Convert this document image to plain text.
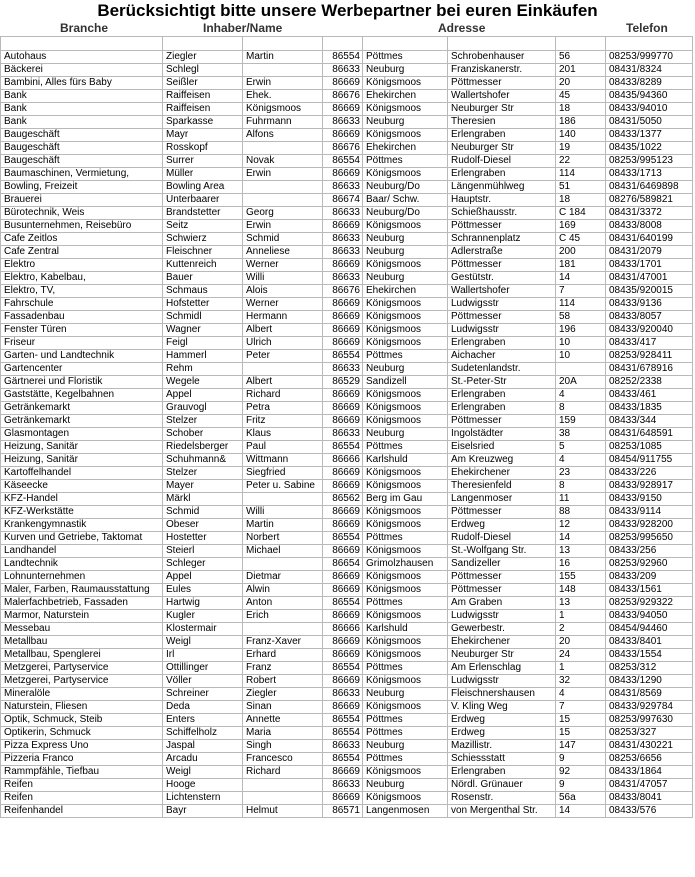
Berücksichtigt bitte unsere Werbepartner bei euren Einkäufen
Branche	Inhaber/Name	Adresse	Telefon

Autohaus	Ziegler	Martin	86554	Pöttmes	Schrobenhauser	56	08253/999770
Bäckerei	Schlegl		86633	Neuburg	Franziskanerstr.	201	08431/8324
Bambini, Alles fürs Baby	Seißler	Erwin	86669	Königsmoos	Pöttmesser	20	08433/8289
Bank	Raiffeisen	Ehek.	86676	Ehekirchen	Wallertshofer	45	08435/94360
Bank	Raiffeisen	Königsmoos	86669	Königsmoos	Neuburger Str	18	08433/94010
Bank	Sparkasse	Fuhrmann	86633	Neuburg	Theresien	186	08431/5050
Baugeschäft	Mayr	Alfons	86669	Königsmoos	Erlengraben	140	08433/1377
Baugeschäft	Rosskopf		86676	Ehekirchen	Neuburger Str	19	08435/1022
Baugeschäft	Surrer	Novak	86554	Pöttmes	Rudolf-Diesel	22	08253/995123
Baumaschinen, Vermietung,	Müller	Erwin	86669	Königsmoos	Erlengraben	114	08433/1713
Bowling, Freizeit	Bowling Area		86633	Neuburg/Do	Längenmühlweg	51	08431/6469898
Brauerei	Unterbaarer		86674	Baar/ Schw.	Hauptstr.	18	08276/589821
Bürotechnik, Weis	Brandstetter	Georg	86633	Neuburg/Do	Schießhausstr.	C 184	08431/3372
Busunternehmen, Reisebüro	Seitz	Erwin	86669	Königsmoos	Pöttmesser	169	08433/8008
Cafe Zeitlos	Schwierz	Schmid	86633	Neuburg	Schrannenplatz	C 45	08431/640199
Cafe Zentral	Fleischner	Anneliese	86633	Neuburg	Adlerstraße	200	08431/2079
Elektro	Kuttenreich	Werner	86669	Königsmoos	Pöttmesser	181	08433/1701
Elektro, Kabelbau,	Bauer	Willi	86633	Neuburg	Gestütstr.	14	08431/47001
Elektro, TV,	Schmaus	Alois	86676	Ehekirchen	Wallertshofer	7	08435/920015
Fahrschule	Hofstetter	Werner	86669	Königsmoos	Ludwigsstr	114	08433/9136
Fassadenbau	Schmidl	Hermann	86669	Königsmoos	Pöttmesser	58	08433/8057
Fenster Türen	Wagner	Albert	86669	Königsmoos	Ludwigsstr	196	08433/920040
Friseur	Feigl	Ulrich	86669	Königsmoos	Erlengraben	10	08433/417
Garten- und Landtechnik	Hammerl	Peter	86554	Pöttmes	Aichacher	10	08253/928411
Gartencenter	Rehm		86633	Neuburg	Sudetenlandstr.		08431/678916
Gärtnerei und Floristik	Wegele	Albert	86529	Sandizell	St.-Peter-Str	20A	08252/2338
Gaststätte, Kegelbahnen	Appel	Richard	86669	Königsmoos	Erlengraben	4	08433/461
Getränkemarkt	Grauvogl	Petra	86669	Königsmoos	Erlengraben	8	08433/1835
Getränkemarkt	Stelzer	Fritz	86669	Königsmoos	Pöttmesser	159	08433/344
Glasmontagen	Schober	Klaus	86633	Neuburg	Ingolstädter	38	08431/648591
Heizung, Sanitär	Riedelsberger	Paul	86554	Pöttmes	Eiselsried	5	08253/1085
Heizung, Sanitär	Schuhmann&	Wittmann	86666	Karlshuld	Am Kreuzweg	4	08454/911755
Kartoffelhandel	Stelzer	Siegfried	86669	Königsmoos	Ehekirchener	23	08433/226
Käseecke	Mayer	Peter u. Sabine	86669	Königsmoos	Theresienfeld	8	08433/928917
KFZ-Handel	Märkl		86562	Berg im Gau	Langenmoser	11	08433/9150
KFZ-Werkstätte	Schmid	Willi	86669	Königsmoos	Pöttmesser	88	08433/9114
Krankengymnastik	Obeser	Martin	86669	Königsmoos	Erdweg	12	08433/928200
Kurven und Getriebe, Taktomat	Hostetter	Norbert	86554	Pöttmes	Rudolf-Diesel	14	08253/995650
Landhandel	Steierl	Michael	86669	Königsmoos	St.-Wolfgang Str.	13	08433/256
Landtechnik	Schleger		86654	Grimolzhausen	Sandizeller	16	08253/92960
Lohnunternehmen	Appel	Dietmar	86669	Königsmoos	Pöttmesser	155	08433/209
Maler, Farben, Raumausstattung	Eules	Alwin	86669	Königsmoos	Pöttmesser	148	08433/1561
Malerfachbetrieb, Fassaden	Hartwig	Anton	86554	Pöttmes	Am Graben	13	08253/929322
Marmor, Naturstein	Kugler	Erich	86669	Königsmoos	Ludwigsstr	1	08433/94050
Messebau	Klostermair		86666	Karlshuld	Gewerbestr.	2	08454/94460
Metallbau	Weigl	Franz-Xaver	86669	Königsmoos	Ehekirchener	20	08433/8401
Metallbau, Spenglerei	Irl	Erhard	86669	Königsmoos	Neuburger Str	24	08433/1554
Metzgerei, Partyservice	Ottillinger	Franz	86554	Pöttmes	Am Erlenschlag	1	08253/312
Metzgerei, Partyservice	Völler	Robert	86669	Königsmoos	Ludwigsstr	32	08433/1290
Mineralöle	Schreiner	Ziegler	86633	Neuburg	Fleischnershausen	4	08431/8569
Naturstein, Fliesen	Deda	Sinan	86669	Königsmoos	V. Kling Weg	7	08433/929784
Optik, Schmuck, Steib	Enters	Annette	86554	Pöttmes	Erdweg	15	08253/997630
Optikerin, Schmuck	Schiffelholz	Maria	86554	Pöttmes	Erdweg	15	08253/327
Pizza Express Uno	Jaspal	Singh	86633	Neuburg	Mazillistr.	147	08431/430221
Pizzeria Franco	Arcadu	Francesco	86554	Pöttmes	Schiessstatt	9	08253/6656
Rammpfähle, Tiefbau	Weigl	Richard	86669	Königsmoos	Erlengraben	92	08433/1864
Reifen	Hooge		86633	Neuburg	Nördl. Grünauer	9	08431/47057
Reifen	Lichtenstern		86669	Königsmoos	Rosenstr.	56a	08433/8041
Reifenhandel	Bayr	Helmut	86571	Langenmosen	von Mergenthal Str.	14	08433/576
